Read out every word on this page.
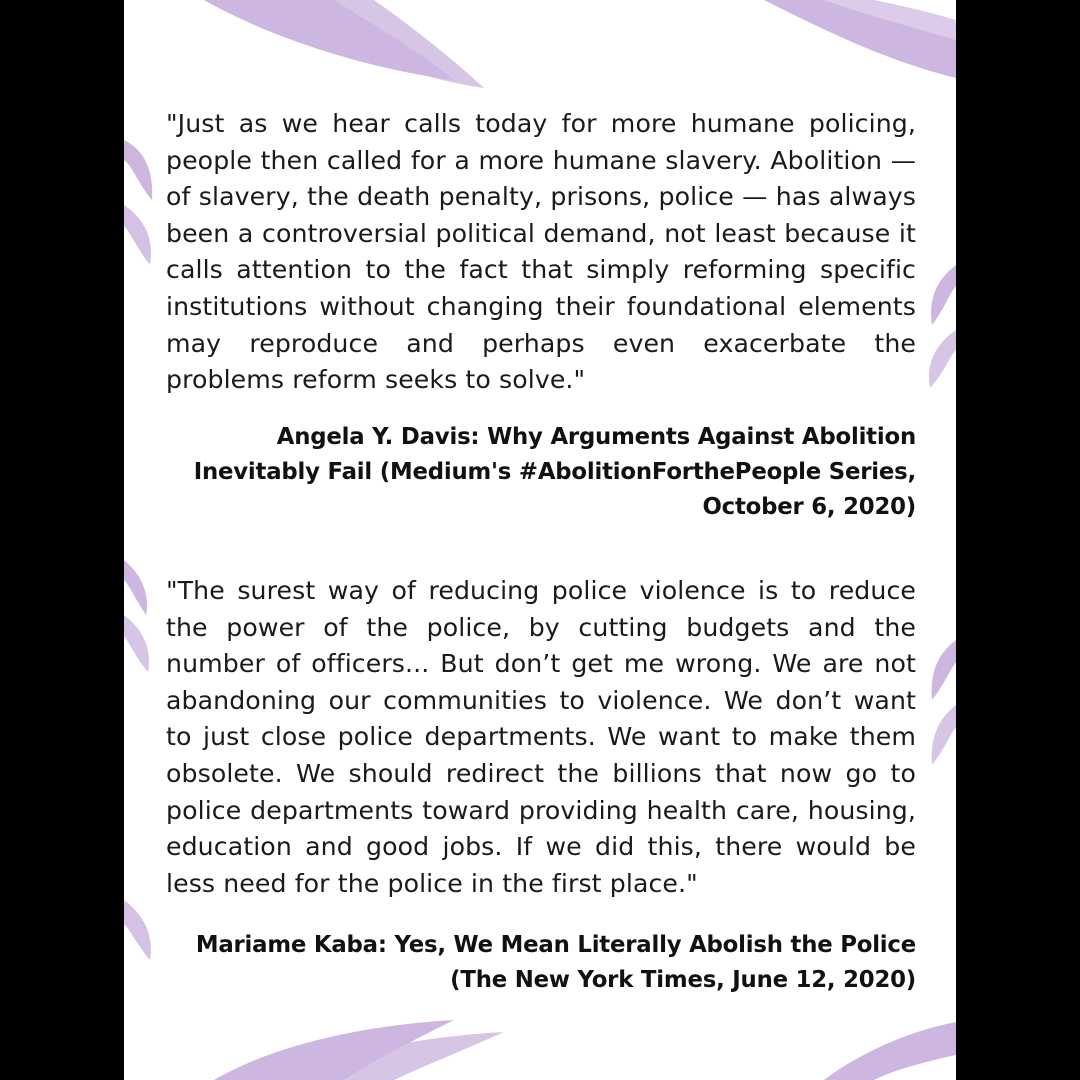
"Just as we hear calls today for more humane policing, people then called for a more humane slavery. Abolition — of slavery, the death penalty, prisons, police — has always been a controversial political demand, not least because it calls attention to the fact that simply reforming specific institutions without changing their foundational elements may reproduce and perhaps even exacerbate the problems reform seeks to solve."

Angela Y. Davis: Why Arguments Against Abolition Inevitably Fail (Medium's #AbolitionForthePeople Series, October 6, 2020)

"The surest way of reducing police violence is to reduce the power of the police, by cutting budgets and the number of officers... But don’t get me wrong. We are not abandoning our communities to violence. We don’t want to just close police departments. We want to make them obsolete. We should redirect the billions that now go to police departments toward providing health care, housing, education and good jobs. If we did this, there would be less need for the police in the first place."

Mariame Kaba: Yes, We Mean Literally Abolish the Police (The New York Times, June 12, 2020)
